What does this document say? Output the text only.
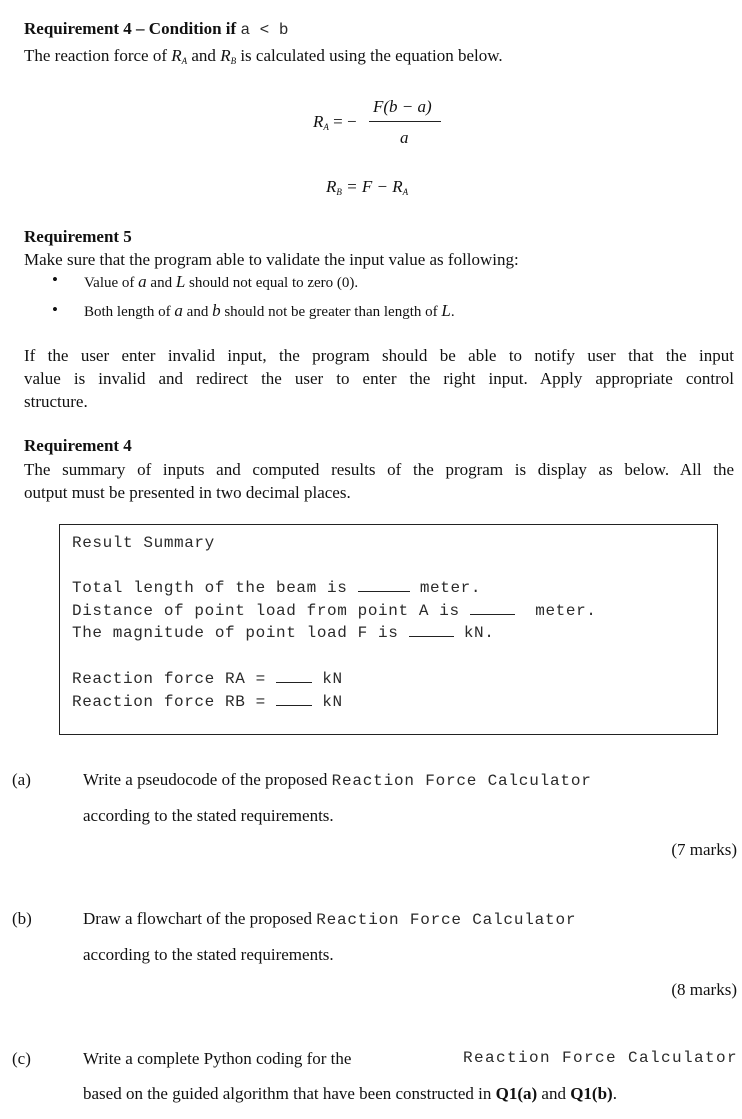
Requirement 4 – Condition if a < b
The reaction force of $R_A$ and $R_B$ is calculated using the equation below.
$R_A$ = −
F(b − a)
a
$R_B = F - R_A$
Requirement 5
Make sure that the program able to validate the input value as following:
• Value of a and L should not equal to zero (0).
• Both length of a and b should not be greater than length of L.
If the user enter invalid input, the program should be able to notify user that the input
value is invalid and redirect the user to enter the right input. Apply appropriate control
structure.
Requirement 4
The summary of inputs and computed results of the program is display as below. All the
output must be presented in two decimal places.
Result Summary
Total length of the beam is	meter.
Distance of point load from point A is	meter.
The magnitude of point load F is	kN.
Reaction force RA =	kN
Reaction force RB =	kN
(a)	Write a pseudocode of the proposed Reaction Force Calculator
according to the stated requirements.
(7 marks)
(b)	Draw a flowchart of the proposed Reaction Force Calculator
according to the stated requirements.
(8 marks)
(c)	Write a complete Python coding for the	Reaction Force Calculator
based on the guided algorithm that have been constructed in Q1(a) and Q1(b).
